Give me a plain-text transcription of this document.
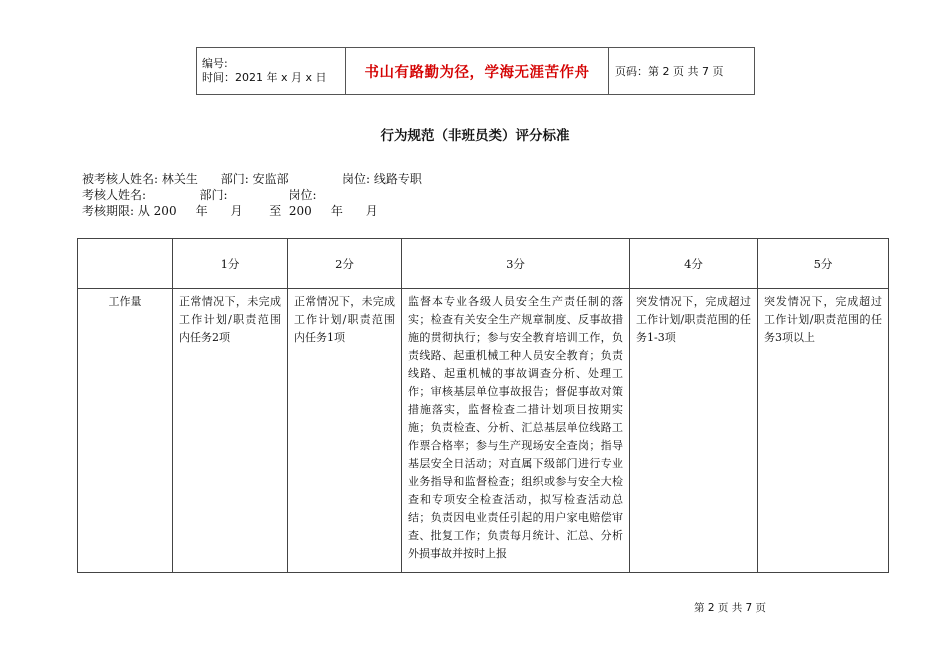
编号:
时间：2021 年 x 月 x 日	书山有路勤为径，学海无涯苦作舟	页码：第 2 页 共 7 页
行为规范（非班员类）评分标准
被考核人姓名: 林关生      部门: 安监部              岗位: 线路专职
考核人姓名:              部门:                岗位:
考核期限: 从 200     年      月       至  200     年      月
	1分	2分	3分	4分	5分
工作量	正常情况下，未完成工作计划/职责范围内任务2项	正常情况下，未完成工作计划/职责范围内任务1项	监督本专业各级人员安全生产责任制的落实；检查有关安全生产规章制度、反事故措施的贯彻执行；参与安全教育培训工作，负责线路、起重机械工种人员安全教育；负责线路、起重机械的事故调查分析、处理工作；审核基层单位事故报告；督促事故对策措施落实，监督检查二措计划项目按期实施；负责检查、分析、汇总基层单位线路工作票合格率；参与生产现场安全查岗；指导基层安全日活动；对直属下级部门进行专业业务指导和监督检查；组织或参与安全大检查和专项安全检查活动，拟写检查活动总结；负责因电业责任引起的用户家电赔偿审查、批复工作；负责每月统计、汇总、分析外损事故并按时上报	突发情况下，完成超过工作计划/职责范围的任务1-3项	突发情况下，完成超过工作计划/职责范围的任务3项以上
第 2 页 共 7 页
